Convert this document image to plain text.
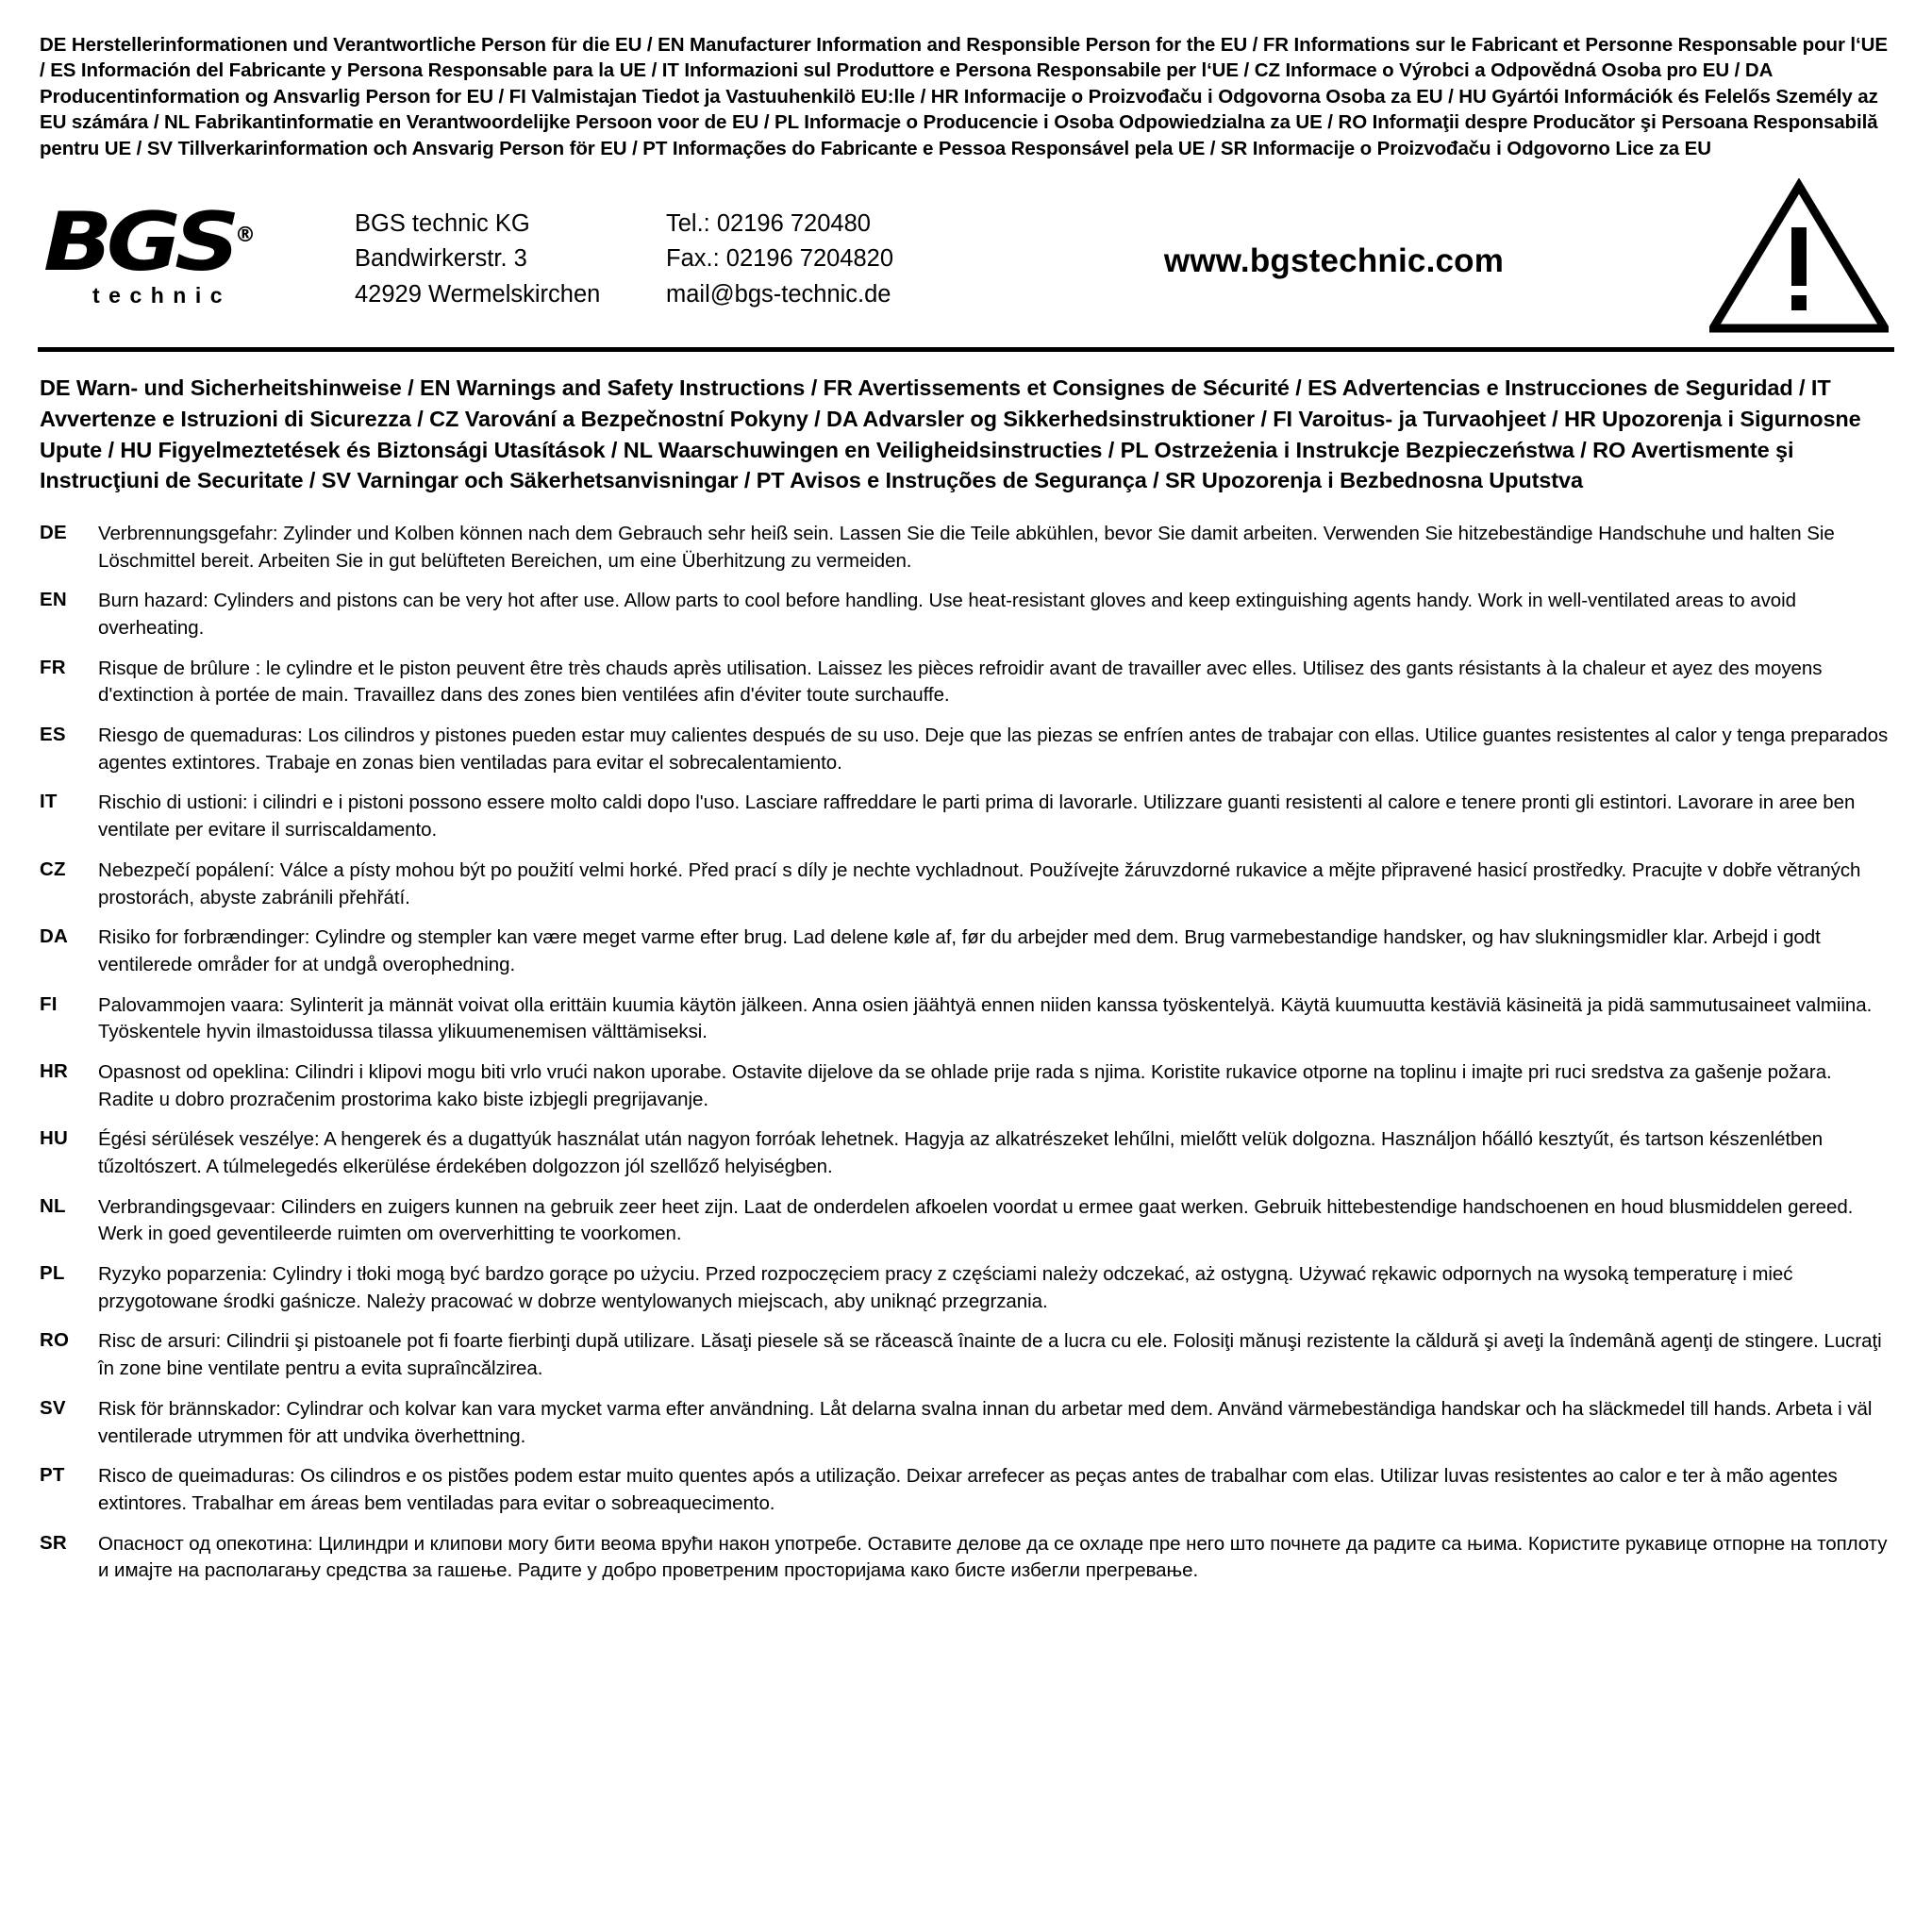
DE Herstellerinformationen und Verantwortliche Person für die EU / EN Manufacturer Information and Responsible Person for the EU / FR Informations sur le Fabricant et Personne Responsable pour l‘UE / ES Información del Fabricante y Persona Responsable para la UE / IT Informazioni sul Produttore e Persona Responsabile per l‘UE / CZ Informace o Výrobci a Odpovědná Osoba pro EU / DA Producentinformation og Ansvarlig Person for EU / FI Valmistajan Tiedot ja Vastuuhenkilö EU:lle / HR Informacije o Proizvođaču i Odgovorna Osoba za EU / HU Gyártói Információk és Felelős Személy az EU számára / NL Fabrikantinformatie en Verantwoordelijke Persoon voor de EU / PL Informacje o Producencie i Osoba Odpowiedzialna za UE / RO Informaţii despre Producător şi Persoana Responsabilă pentru UE / SV Tillverkarinformation och Ansvarig Person för EU / PT Informações do Fabricante e Pessoa Responsável pela UE / SR Informacije o Proizvođaču i Odgovorno Lice za EU
BGS®
technic
BGS technic KG
Bandwirkerstr. 3
42929 Wermelskirchen
Tel.: 02196 720480
Fax.: 02196 7204820
mail@bgs-technic.de
www.bgstechnic.com
DE Warn- und Sicherheitshinweise / EN Warnings and Safety Instructions / FR Avertissements et Consignes de Sécurité / ES Advertencias e Instrucciones de Seguridad / IT Avvertenze e Istruzioni di Sicurezza / CZ Varování a Bezpečnostní Pokyny / DA Advarsler og Sikkerhedsinstruktioner / FI Varoitus- ja Turvaohjeet / HR Upozorenja i Sigurnosne Upute / HU Figyelmeztetések és Biztonsági Utasítások / NL Waarschuwingen en Veiligheidsinstructies / PL Ostrzeżenia i Instrukcje Bezpieczeństwa / RO Avertismente şi Instrucţiuni de Securitate / SV Varningar och Säkerhetsanvisningar / PT Avisos e Instruções de Segurança / SR Upozorenja i Bezbednosna Uputstva
DE	Verbrennungsgefahr: Zylinder und Kolben können nach dem Gebrauch sehr heiß sein. Lassen Sie die Teile abkühlen, bevor Sie damit arbeiten. Verwenden Sie hitzebeständige Handschuhe und halten Sie Löschmittel bereit. Arbeiten Sie in gut belüfteten Bereichen, um eine Überhitzung zu vermeiden.
EN	Burn hazard: Cylinders and pistons can be very hot after use. Allow parts to cool before handling. Use heat-resistant gloves and keep extinguishing agents handy. Work in well-ventilated areas to avoid overheating.
FR	Risque de brûlure : le cylindre et le piston peuvent être très chauds après utilisation. Laissez les pièces refroidir avant de travailler avec elles. Utilisez des gants résistants à la chaleur et ayez des moyens d'extinction à portée de main. Travaillez dans des zones bien ventilées afin d'éviter toute surchauffe.
ES	Riesgo de quemaduras: Los cilindros y pistones pueden estar muy calientes después de su uso. Deje que las piezas se enfríen antes de trabajar con ellas. Utilice guantes resistentes al calor y tenga preparados agentes extintores. Trabaje en zonas bien ventiladas para evitar el sobrecalentamiento.
IT	Rischio di ustioni: i cilindri e i pistoni possono essere molto caldi dopo l'uso. Lasciare raffreddare le parti prima di lavorarle. Utilizzare guanti resistenti al calore e tenere pronti gli estintori. Lavorare in aree ben ventilate per evitare il surriscaldamento.
CZ	Nebezpečí popálení: Válce a písty mohou být po použití velmi horké. Před prací s díly je nechte vychladnout. Používejte žáruvzdorné rukavice a mějte připravené hasicí prostředky. Pracujte v dobře větraných prostorách, abyste zabránili přehřátí.
DA	Risiko for forbrændinger: Cylindre og stempler kan være meget varme efter brug. Lad delene køle af, før du arbejder med dem. Brug varmebestandige handsker, og hav slukningsmidler klar. Arbejd i godt ventilerede områder for at undgå overophedning.
FI	Palovammojen vaara: Sylinterit ja männät voivat olla erittäin kuumia käytön jälkeen. Anna osien jäähtyä ennen niiden kanssa työskentelyä. Käytä kuumuutta kestäviä käsineitä ja pidä sammutusaineet valmiina. Työskentele hyvin ilmastoidussa tilassa ylikuumenemisen välttämiseksi.
HR	Opasnost od opeklina: Cilindri i klipovi mogu biti vrlo vrući nakon uporabe. Ostavite dijelove da se ohlade prije rada s njima. Koristite rukavice otporne na toplinu i imajte pri ruci sredstva za gašenje požara. Radite u dobro prozračenim prostorima kako biste izbjegli pregrijavanje.
HU	Égési sérülések veszélye: A hengerek és a dugattyúk használat után nagyon forróak lehetnek. Hagyja az alkatrészeket lehűlni, mielőtt velük dolgozna. Használjon hőálló kesztyűt, és tartson készenlétben tűzoltószert. A túlmelegedés elkerülése érdekében dolgozzon jól szellőző helyiségben.
NL	Verbrandingsgevaar: Cilinders en zuigers kunnen na gebruik zeer heet zijn. Laat de onderdelen afkoelen voordat u ermee gaat werken. Gebruik hittebestendige handschoenen en houd blusmiddelen gereed. Werk in goed geventileerde ruimten om oververhitting te voorkomen.
PL	Ryzyko poparzenia: Cylindry i tłoki mogą być bardzo gorące po użyciu. Przed rozpoczęciem pracy z częściami należy odczekać, aż ostygną. Używać rękawic odpornych na wysoką temperaturę i mieć przygotowane środki gaśnicze. Należy pracować w dobrze wentylowanych miejscach, aby uniknąć przegrzania.
RO	Risc de arsuri: Cilindrii şi pistoanele pot fi foarte fierbinţi după utilizare. Lăsaţi piesele să se răcească înainte de a lucra cu ele. Folosiţi mănuşi rezistente la căldură şi aveţi la îndemână agenţi de stingere. Lucraţi în zone bine ventilate pentru a evita supraîncălzirea.
SV	Risk för brännskador: Cylindrar och kolvar kan vara mycket varma efter användning. Låt delarna svalna innan du arbetar med dem. Använd värmebeständiga handskar och ha släckmedel till hands. Arbeta i väl ventilerade utrymmen för att undvika överhettning.
PT	Risco de queimaduras: Os cilindros e os pistões podem estar muito quentes após a utilização. Deixar arrefecer as peças antes de trabalhar com elas. Utilizar luvas resistentes ao calor e ter à mão agentes extintores. Trabalhar em áreas bem ventiladas para evitar o sobreaquecimento.
SR	Опасност од опекотина: Цилиндри и клипови могу бити веома врући након употребе. Оставите делове да се охладе пре него што почнете да радите са њима. Користите рукавице отпорне на топлоту и имајте на располагању средства за гашење. Радите у добро проветреним просторијама како бисте избегли прегревање.
